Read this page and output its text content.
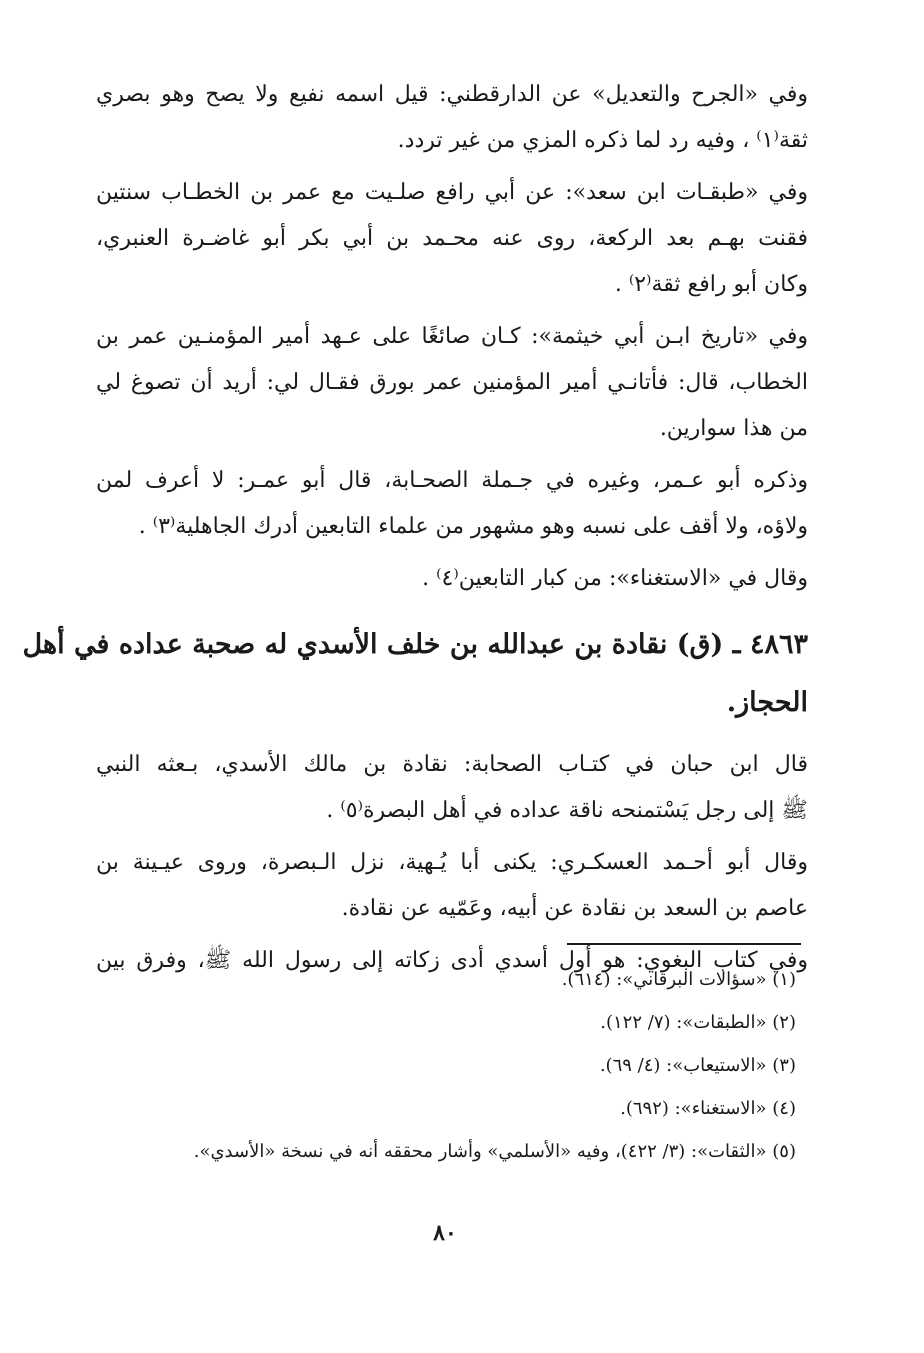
وفي «الجرح والتعديل» عن الدارقطني: قيل اسمه نفيع ولا يصح وهو بصري
ثقة⁽١⁾ ، وفيه رد لما ذكره المزي من غير تردد.

وفي «طبقـات ابن سعد»: عن أبي رافع صلـيت مع عمر بن الخطـاب سنتين
فقنت بهـم بعد الركعة، روى عنه محـمد بن أبي بكر أبو غاضـرة العنبري،
وكان أبو رافع ثقة⁽٢⁾ .

وفي «تاريخ ابـن أبي خيثمة»: كـان صائغًا على عـهد أمير المؤمنـين عمر بن
الخطاب، قال: فأتانـي أمير المؤمنين عمر بورق فقـال لي: أريد أن تصوغ لي
من هذا سوارين.

وذكره أبو عـمر، وغيره في جـملة الصحـابة، قال أبو عمـر: لا أعرف لمن
ولاؤه، ولا أقف على نسبه وهو مشهور من علماء التابعين أدرك الجاهلية⁽٣⁾ .

وقال في «الاستغناء»: من كبار التابعين⁽٤⁾ .

٤٨٦٣ ـ (ق) نقادة بن عبدالله بن خلف الأسدي له صحبة عداده في أهل
الحجاز.

قال ابن حبان في كتـاب الصحابة: نقادة بن مالك الأسدي، بـعثه النبي
ﷺ إلى رجل يَسْتمنحه ناقة عداده في أهل البصرة⁽٥⁾ .

وقال أبو أحـمد العسكـري: يكنى أبا يُـهية، نزل الـبصرة، وروى عيـينة بن
عاصم بن السعد بن نقادة عن أبيه، وعَمّيه عن نقادة.

وفي كتاب البغوي: هو أول أسدي أدى زكاته إلى رسول الله ﷺ، وفرق بين

(١) «سؤالات البرقاني»: (٦١٤).
(٢) «الطبقات»: (٧/ ١٢٢).
(٣) «الاستيعاب»: (٤/ ٦٩).
(٤) «الاستغناء»: (٦٩٢).
(٥) «الثقات»: (٣/ ٤٢٢)، وفيه «الأسلمي» وأشار محققه أنه في نسخة «الأسدي».
٨٠
